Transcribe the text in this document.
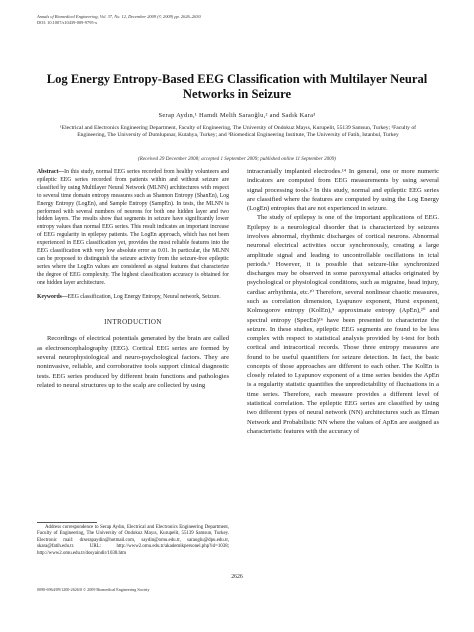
Annals of Biomedical Engineering, Vol. 37, No. 12, December 2009 (© 2009) pp. 2626–2630
DOI: 10.1007/s10439-009-9795-x
Log Energy Entropy-Based EEG Classification with Multilayer Neural Networks in Seizure
Serap Aydın,¹ Hamdi Melih Saraoğlu,² and Sadık Kara³
¹Electrical and Electronics Engineering Department, Faculty of Engineering, The University of Ondokuz Mayıs, Kurupelit, 55139 Samsun, Turkey; ²Faculty of Engineering, The University of Dumlupınar, Kutahya, Turkey; and ³Biomedical Engineering Institute, The University of Fatih, Istanbul, Turkey
(Received 29 December 2008; accepted 1 September 2009; published online 11 September 2009)
Abstract—In this study, normal EEG series recorded from healthy volunteers and epileptic EEG series recorded from patients within and without seizure are classified by using Multilayer Neural Network (MLNN) architectures with respect to several time domain entropy measures such as Shannon Entropy (ShanEn), Log Energy Entropy (LogEn), and Sample Entropy (SampEn). In tests, the MLNN is performed with several numbers of neurons for both one hidden layer and two hidden layers. The results show that segments in seizure have significantly lower entropy values than normal EEG series. This result indicates an important increase of EEG regularity in epilepsy patients. The LogEn approach, which has not been experienced in EEG classification yet, provides the most reliable features into the EEG classification with very low absolute error as 0.01. In particular, the MLNN can be proposed to distinguish the seizure activity from the seizure-free epileptic series where the LogEn values are considered as signal features that characterize the degree of EEG complexity. The highest classification accuracy is obtained for one hidden layer architecture.
Keywords—EEG classification, Log Energy Entropy, Neural network, Seizure.
INTRODUCTION
Recordings of electrical potentials generated by the brain are called as electroencephalography (EEG). Cortical EEG series are formed by several neurophysiological and neuro-psychological factors. They are noninvasive, reliable, and corroborative tools support clinical diagnostic tests. EEG series produced by different brain functions and pathologies related to neural structures up to the scalp are collected by using
Address correspondence to Serap Aydın, Electrical and Electronics Engineering Department, Faculty of Engineering, The University of Ondokuz Mayıs, Kurupelit, 55139 Samsun, Turkey. Electronic mail: drserapaydin@hotmail.com, saydin@omu.edu.tr, saraoglu@dpu.edu.tr, skara@fatih.edu.tr. URL: http://www2.omu.edu.tr/akademikpersonel.php?id=1038; http://www2.omu.edu.tr/dosyaindir/1038.htm

intracranially implanted electrodes.¹⁴ In general, one or more numeric indicators are computed from EEG measurements by using several signal processing tools.² In this study, normal and epileptic EEG series are classified where the features are computed by using the Log Energy (LogEn) entropies that are not experienced in seizure.

The study of epilepsy is one of the important applications of EEG. Epilepsy is a neurological disorder that is characterized by seizures involves abnormal, rhythmic discharges of cortical neurons. Abnormal neuronal electrical activities occur synchronously, creating a large amplitude signal and leading to uncontrollable oscillations in ictal periods.⁶ However, it is possible that seizure-like synchronized discharges may be observed in some paroxysmal attacks originated by psychological or physiological conditions, such as migraine, head injury, cardiac arrhythmia, etc.¹⁰ Therefore, several nonlinear chaotic measures, such as correlation dimension, Lyapunov exponent, Hurst exponent, Kolmogorov entropy (KolEn),⁹ approximate entropy (ApEn),²⁰ and spectral entropy (SpecEn)¹⁶ have been presented to characterize the seizure. In these studies, epileptic EEG segments are found to be less complex with respect to statistical analysis provided by t-test for both cortical and intracortical records. Those three entropy measures are found to be useful quantifiers for seizure detection. In fact, the basic concepts of those approaches are different to each other. The KolEn is closely related to Lyapunov exponent of a time series besides the ApEn is a regularity statistic quantifies the unpredictability of fluctuations in a time series. Therefore, each measure provides a different level of statistical correlation. The epileptic EEG series are classified by using two different types of neural network (NN) architectures such as Elman Network and Probabilistic NN where the values of ApEn are assigned as characteristic features with the accuracy of

2626
0090-6964/09/1200-2626/0 © 2009 Biomedical Engineering Society
